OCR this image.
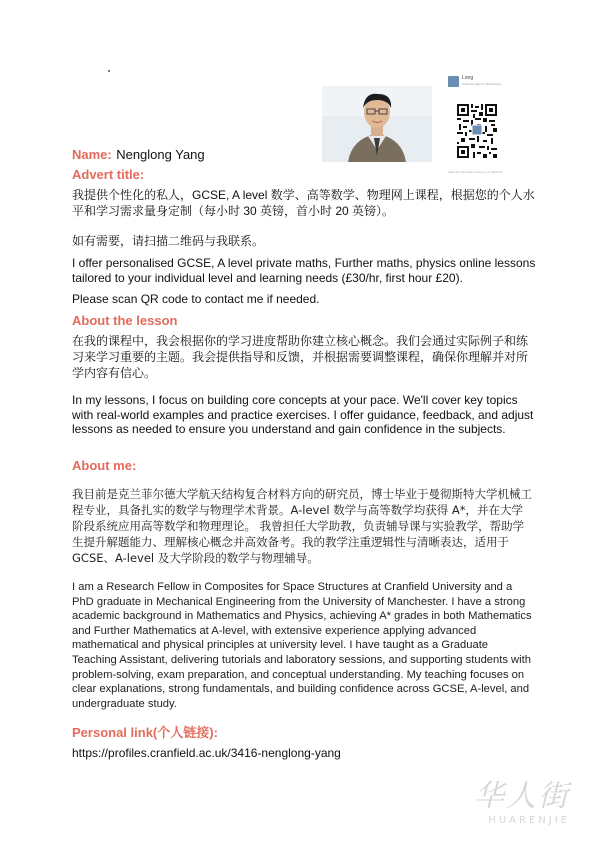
Long
United Kingdom / Manchester
Scan the QR code to add me on WeChat
Name: Nenglong Yang
Advert title:
我提供个性化的私人，GCSE, A level 数学、高等数学、物理网上课程，根据您的个人水平和学习需求量身定制（每小时 30 英镑，首小时 20 英镑）。
如有需要，请扫描二维码与我联系。
I offer personalised GCSE, A level private maths, Further maths, physics online lessons tailored to your individual level and learning needs (£30/hr, first hour £20).
Please scan QR code to contact me if needed.
About the lesson
在我的课程中，我会根据你的学习进度帮助你建立核心概念。我们会通过实际例子和练习来学习重要的主题。我会提供指导和反馈，并根据需要调整课程，确保你理解并对所学内容有信心。
In my lessons, I focus on building core concepts at your pace. We'll cover key topics with real-world examples and practice exercises. I offer guidance, feedback, and adjust lessons as needed to ensure you understand and gain confidence in the subjects.
About me:
我目前是克兰菲尔德大学航天结构复合材料方向的研究员，博士毕业于曼彻斯特大学机械工程专业，具备扎实的数学与物理学术背景。A-level 数学与高等数学均获得 A*，并在大学阶段系统应用高等数学和物理理论。 我曾担任大学助教，负责辅导课与实验教学，帮助学生提升解题能力、理解核心概念并高效备考。我的教学注重逻辑性与清晰表达，适用于 GCSE、A-level 及大学阶段的数学与物理辅导。
I am a Research Fellow in Composites for Space Structures at Cranfield University and a PhD graduate in Mechanical Engineering from the University of Manchester. I have a strong academic background in Mathematics and Physics, achieving A* grades in both Mathematics and Further Mathematics at A-level, with extensive experience applying advanced mathematical and physical principles at university level. I have taught as a Graduate Teaching Assistant, delivering tutorials and laboratory sessions, and supporting students with problem-solving, exam preparation, and conceptual understanding. My teaching focuses on clear explanations, strong fundamentals, and building confidence across GCSE, A-level, and undergraduate study.
Personal link(个人链接):
https://profiles.cranfield.ac.uk/3416-nenglong-yang
华人街
HUARENJIE
